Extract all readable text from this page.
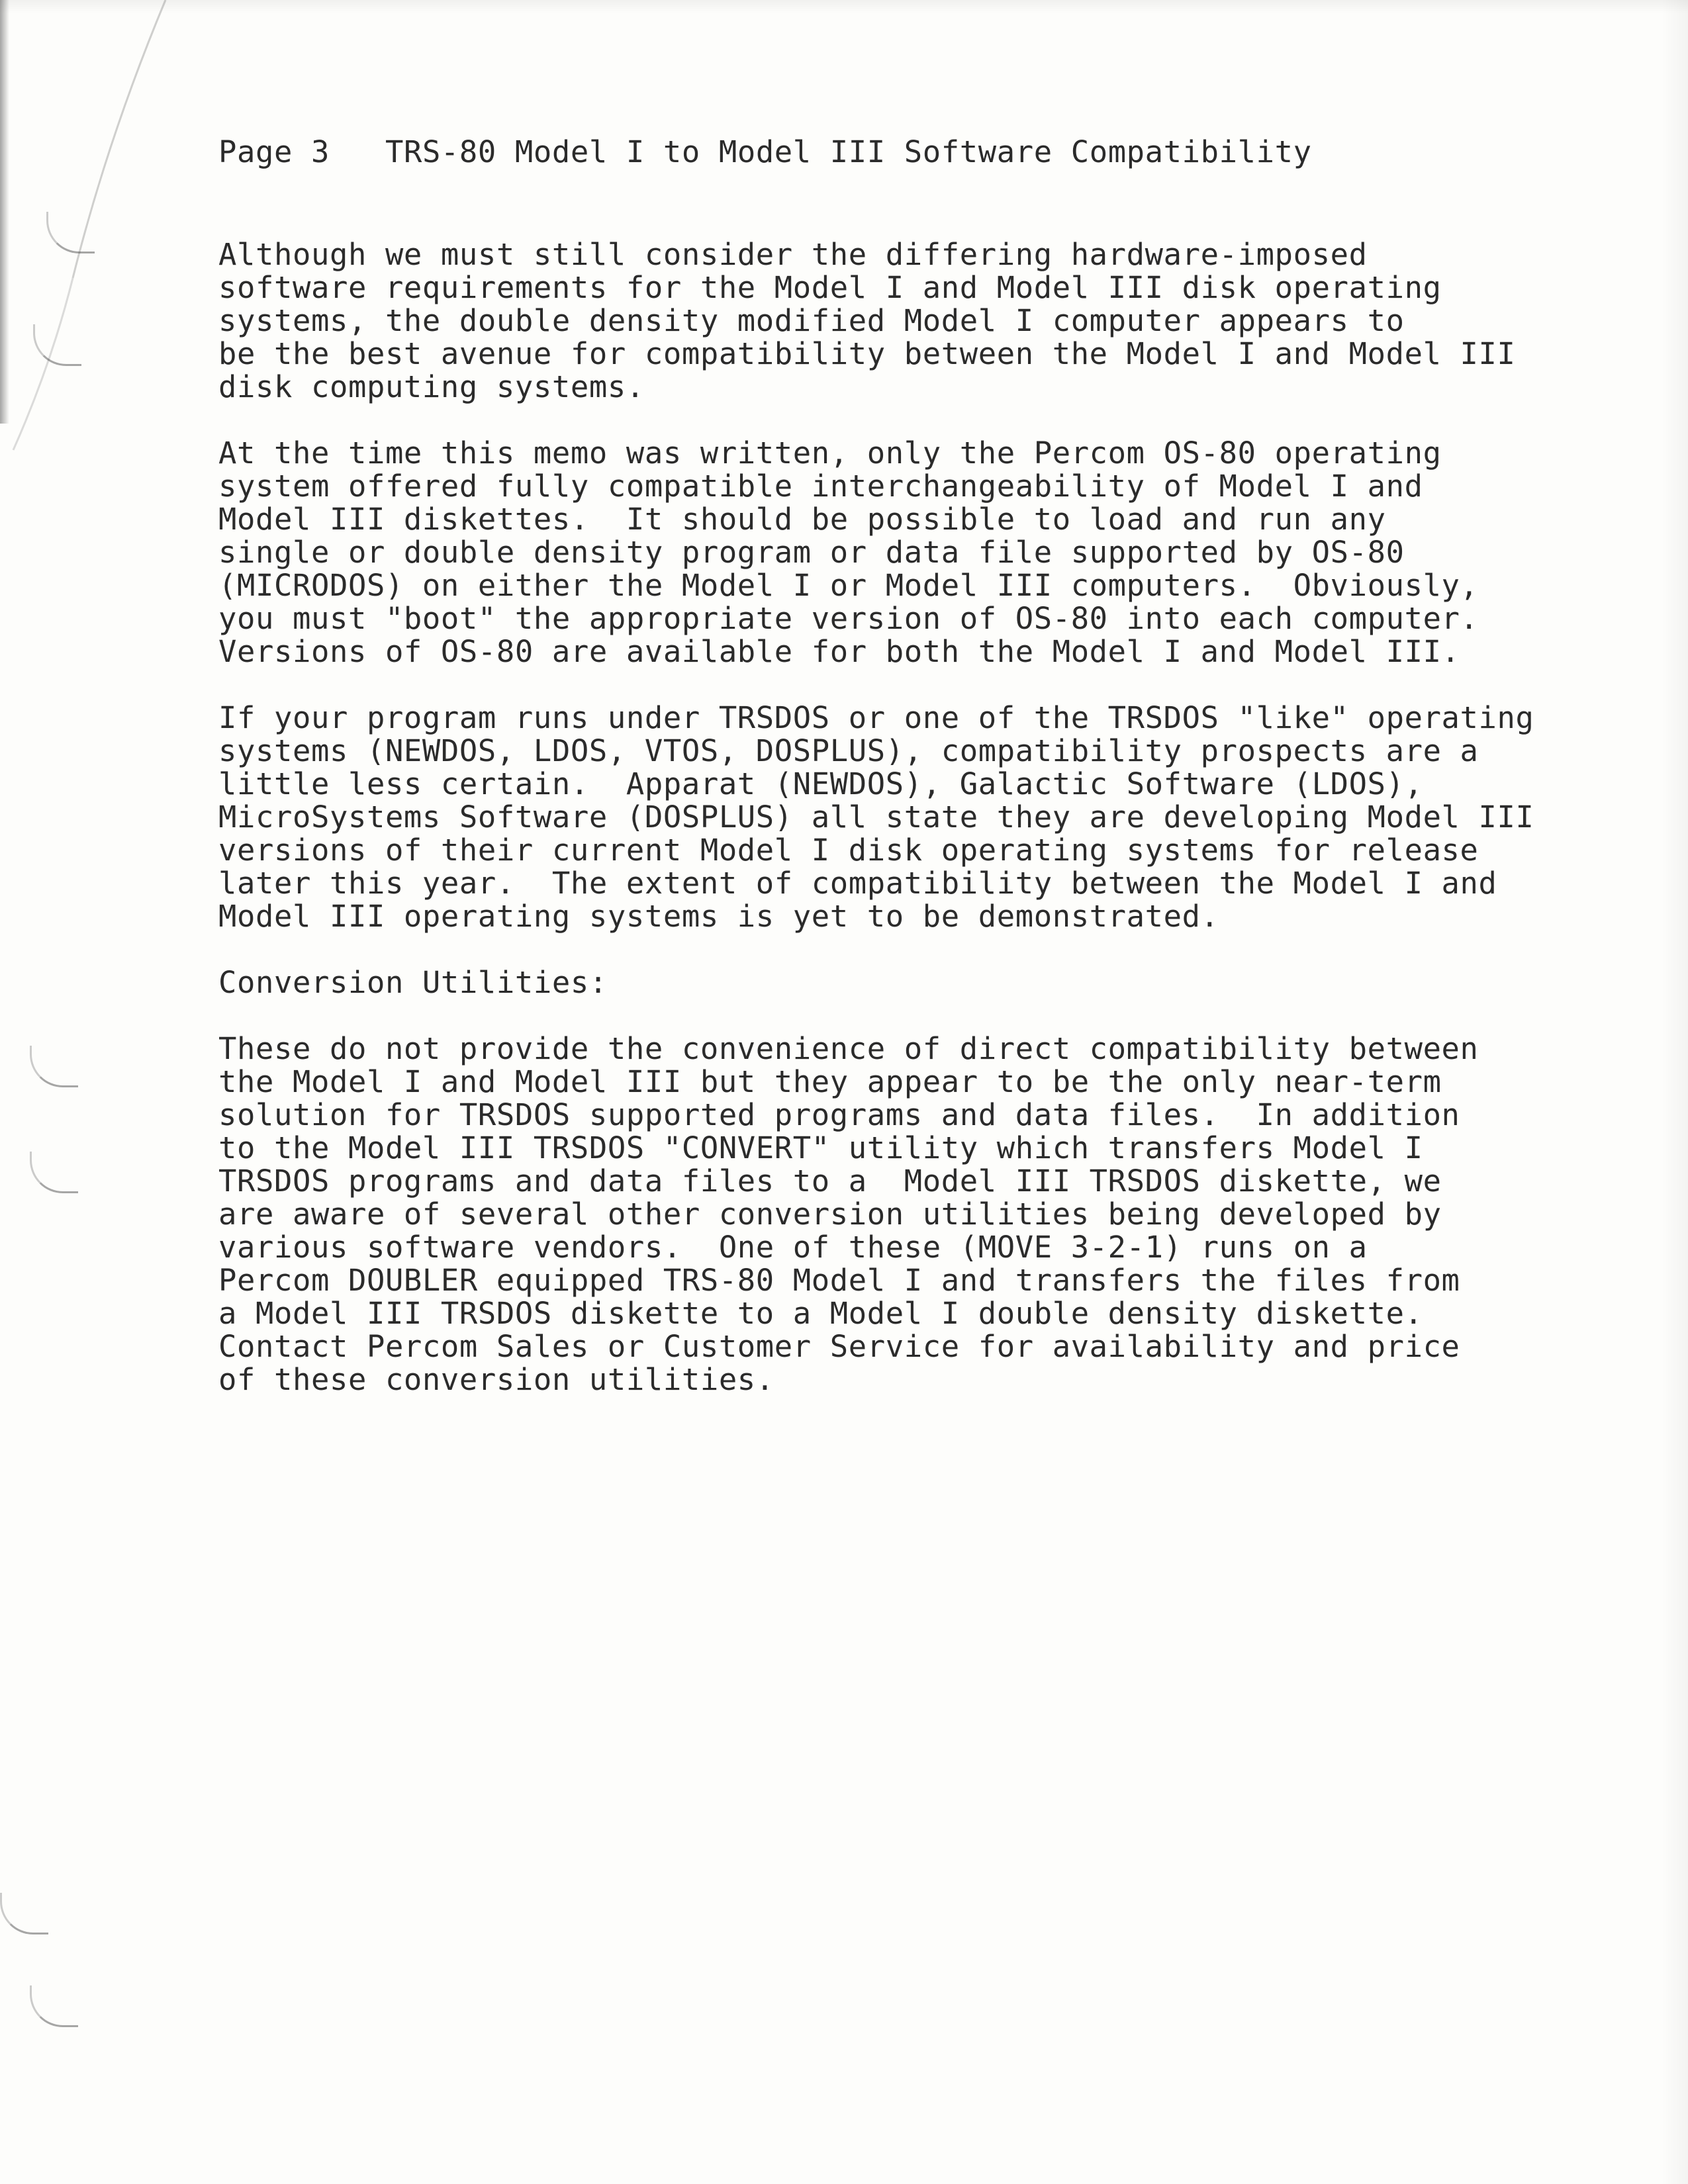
Page 3 TRS-80 Model I to Model III Software Compatibility
Although we must still consider the differing hardware-imposed
software requirements for the Model I and Model III disk operating
systems, the double density modified Model I computer appears to
be the best avenue for compatibility between the Model I and Model III
disk computing systems.
At the time this memo was written, only the Percom OS-80 operating
system offered fully compatible interchangeability of Model I and
Model III diskettes.  It should be possible to load and run any
single or double density program or data file supported by OS-80
(MICRODOS) on either the Model I or Model III computers.  Obviously,
you must "boot" the appropriate version of OS-80 into each computer.
Versions of OS-80 are available for both the Model I and Model III.
If your program runs under TRSDOS or one of the TRSDOS "like" operating
systems (NEWDOS, LDOS, VTOS, DOSPLUS), compatibility prospects are a
little less certain.  Apparat (NEWDOS), Galactic Software (LDOS),
MicroSystems Software (DOSPLUS) all state they are developing Model III
versions of their current Model I disk operating systems for release
later this year.  The extent of compatibility between the Model I and
Model III operating systems is yet to be demonstrated.
Conversion Utilities:
These do not provide the convenience of direct compatibility between
the Model I and Model III but they appear to be the only near-term
solution for TRSDOS supported programs and data files.  In addition
to the Model III TRSDOS "CONVERT" utility which transfers Model I
TRSDOS programs and data files to a  Model III TRSDOS diskette, we
are aware of several other conversion utilities being developed by
various software vendors.  One of these (MOVE 3-2-1) runs on a
Percom DOUBLER equipped TRS-80 Model I and transfers the files from
a Model III TRSDOS diskette to a Model I double density diskette.
Contact Percom Sales or Customer Service for availability and price
of these conversion utilities.
